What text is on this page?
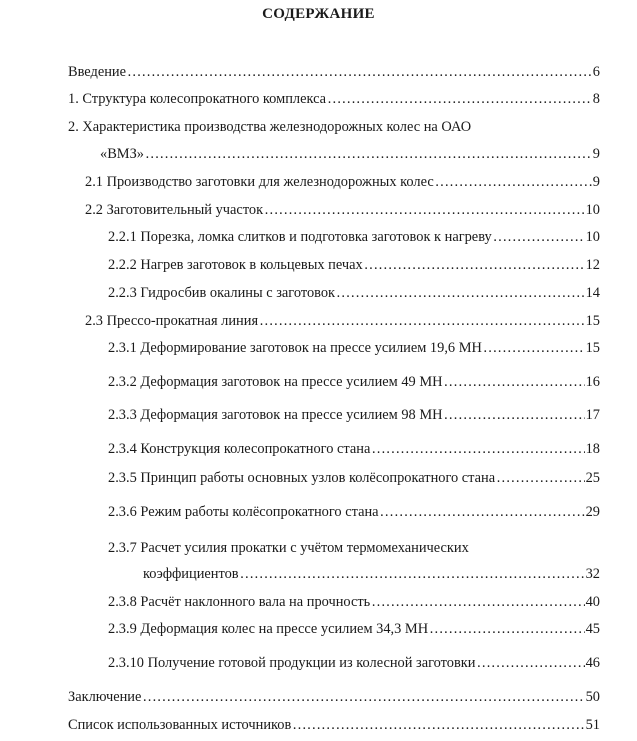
СОДЕРЖАНИЕ
Введение ……………………………………………………………………………………………………………………………………………………………	6
1. Структура колесопрокатного комплекса ……………………………………………………………………………………………………………………………………………………………	8
2. Характеристика производства железнодорожных колес на ОАО
«ВМЗ» ……………………………………………………………………………………………………………………………………………………………	9
2.1 Производство заготовки для железнодорожных колес ……………………………………………………………………………………………………………………………………………………………	9
2.2 Заготовительный участок ……………………………………………………………………………………………………………………………………………………………	10
2.2.1 Порезка, ломка слитков и подготовка заготовок к нагреву ……………………………………………………………………………………………………………………………………………………………	10
2.2.2 Нагрев заготовок в кольцевых печах ……………………………………………………………………………………………………………………………………………………………	12
2.2.3 Гидросбив окалины с заготовок ……………………………………………………………………………………………………………………………………………………………	14
2.3 Прессо-прокатная линия ……………………………………………………………………………………………………………………………………………………………	15
2.3.1 Деформирование заготовок на прессе усилием 19,6 МН ……………………………………………………………………………………………………………………………………………………………	15
2.3.2 Деформация заготовок на прессе усилием 49 МН ……………………………………………………………………………………………………………………………………………………………	16
2.3.3 Деформация заготовок на прессе усилием 98 МН ……………………………………………………………………………………………………………………………………………………………	17
2.3.4 Конструкция колесопрокатного стана ……………………………………………………………………………………………………………………………………………………………	18
2.3.5 Принцип работы основных узлов колёсопрокатного стана ……………………………………………………………………………………………………………………………………………………………	25
2.3.6 Режим работы колёсопрокатного стана ……………………………………………………………………………………………………………………………………………………………	29
2.3.7 Расчет усилия прокатки с учётом термомеханических
коэффициентов ……………………………………………………………………………………………………………………………………………………………	32
2.3.8 Расчёт наклонного вала на прочность ……………………………………………………………………………………………………………………………………………………………	40
2.3.9 Деформация колес на прессе усилием 34,3 МН ……………………………………………………………………………………………………………………………………………………………	45
2.3.10 Получение готовой продукции из колесной заготовки ……………………………………………………………………………………………………………………………………………………………	46
Заключение ……………………………………………………………………………………………………………………………………………………………	50
Список использованных источников ……………………………………………………………………………………………………………………………………………………………	51
